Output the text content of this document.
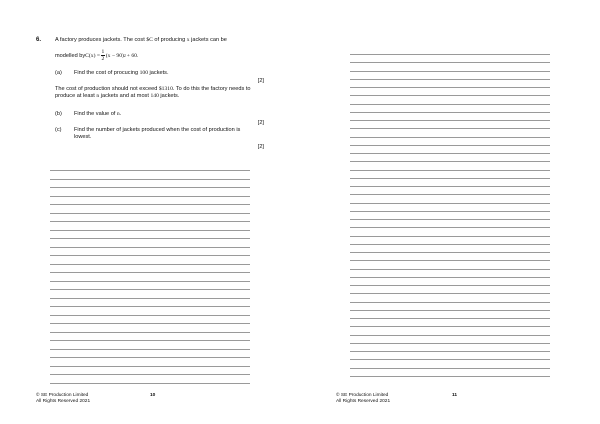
6. A factory produces jackets. The cost $C of producing x jackets can be
modelled by $C(x) = \frac{1}{2} (x - 90) 2 + 60$.
(a) Find the cost of procucing 100 jackets.
[2]
The cost of production should not exceed $1310. To do this the factory needs to produce at least n jackets and at most 140 jackets.
(b) Find the value of n.
[2]
(c) Find the number of jackets produced when the cost of production is
lowest.
[2]
© SE Production Limited
All Rights Reserved 2021
10	© SE Production Limited
All Rights Reserved 2021
11
